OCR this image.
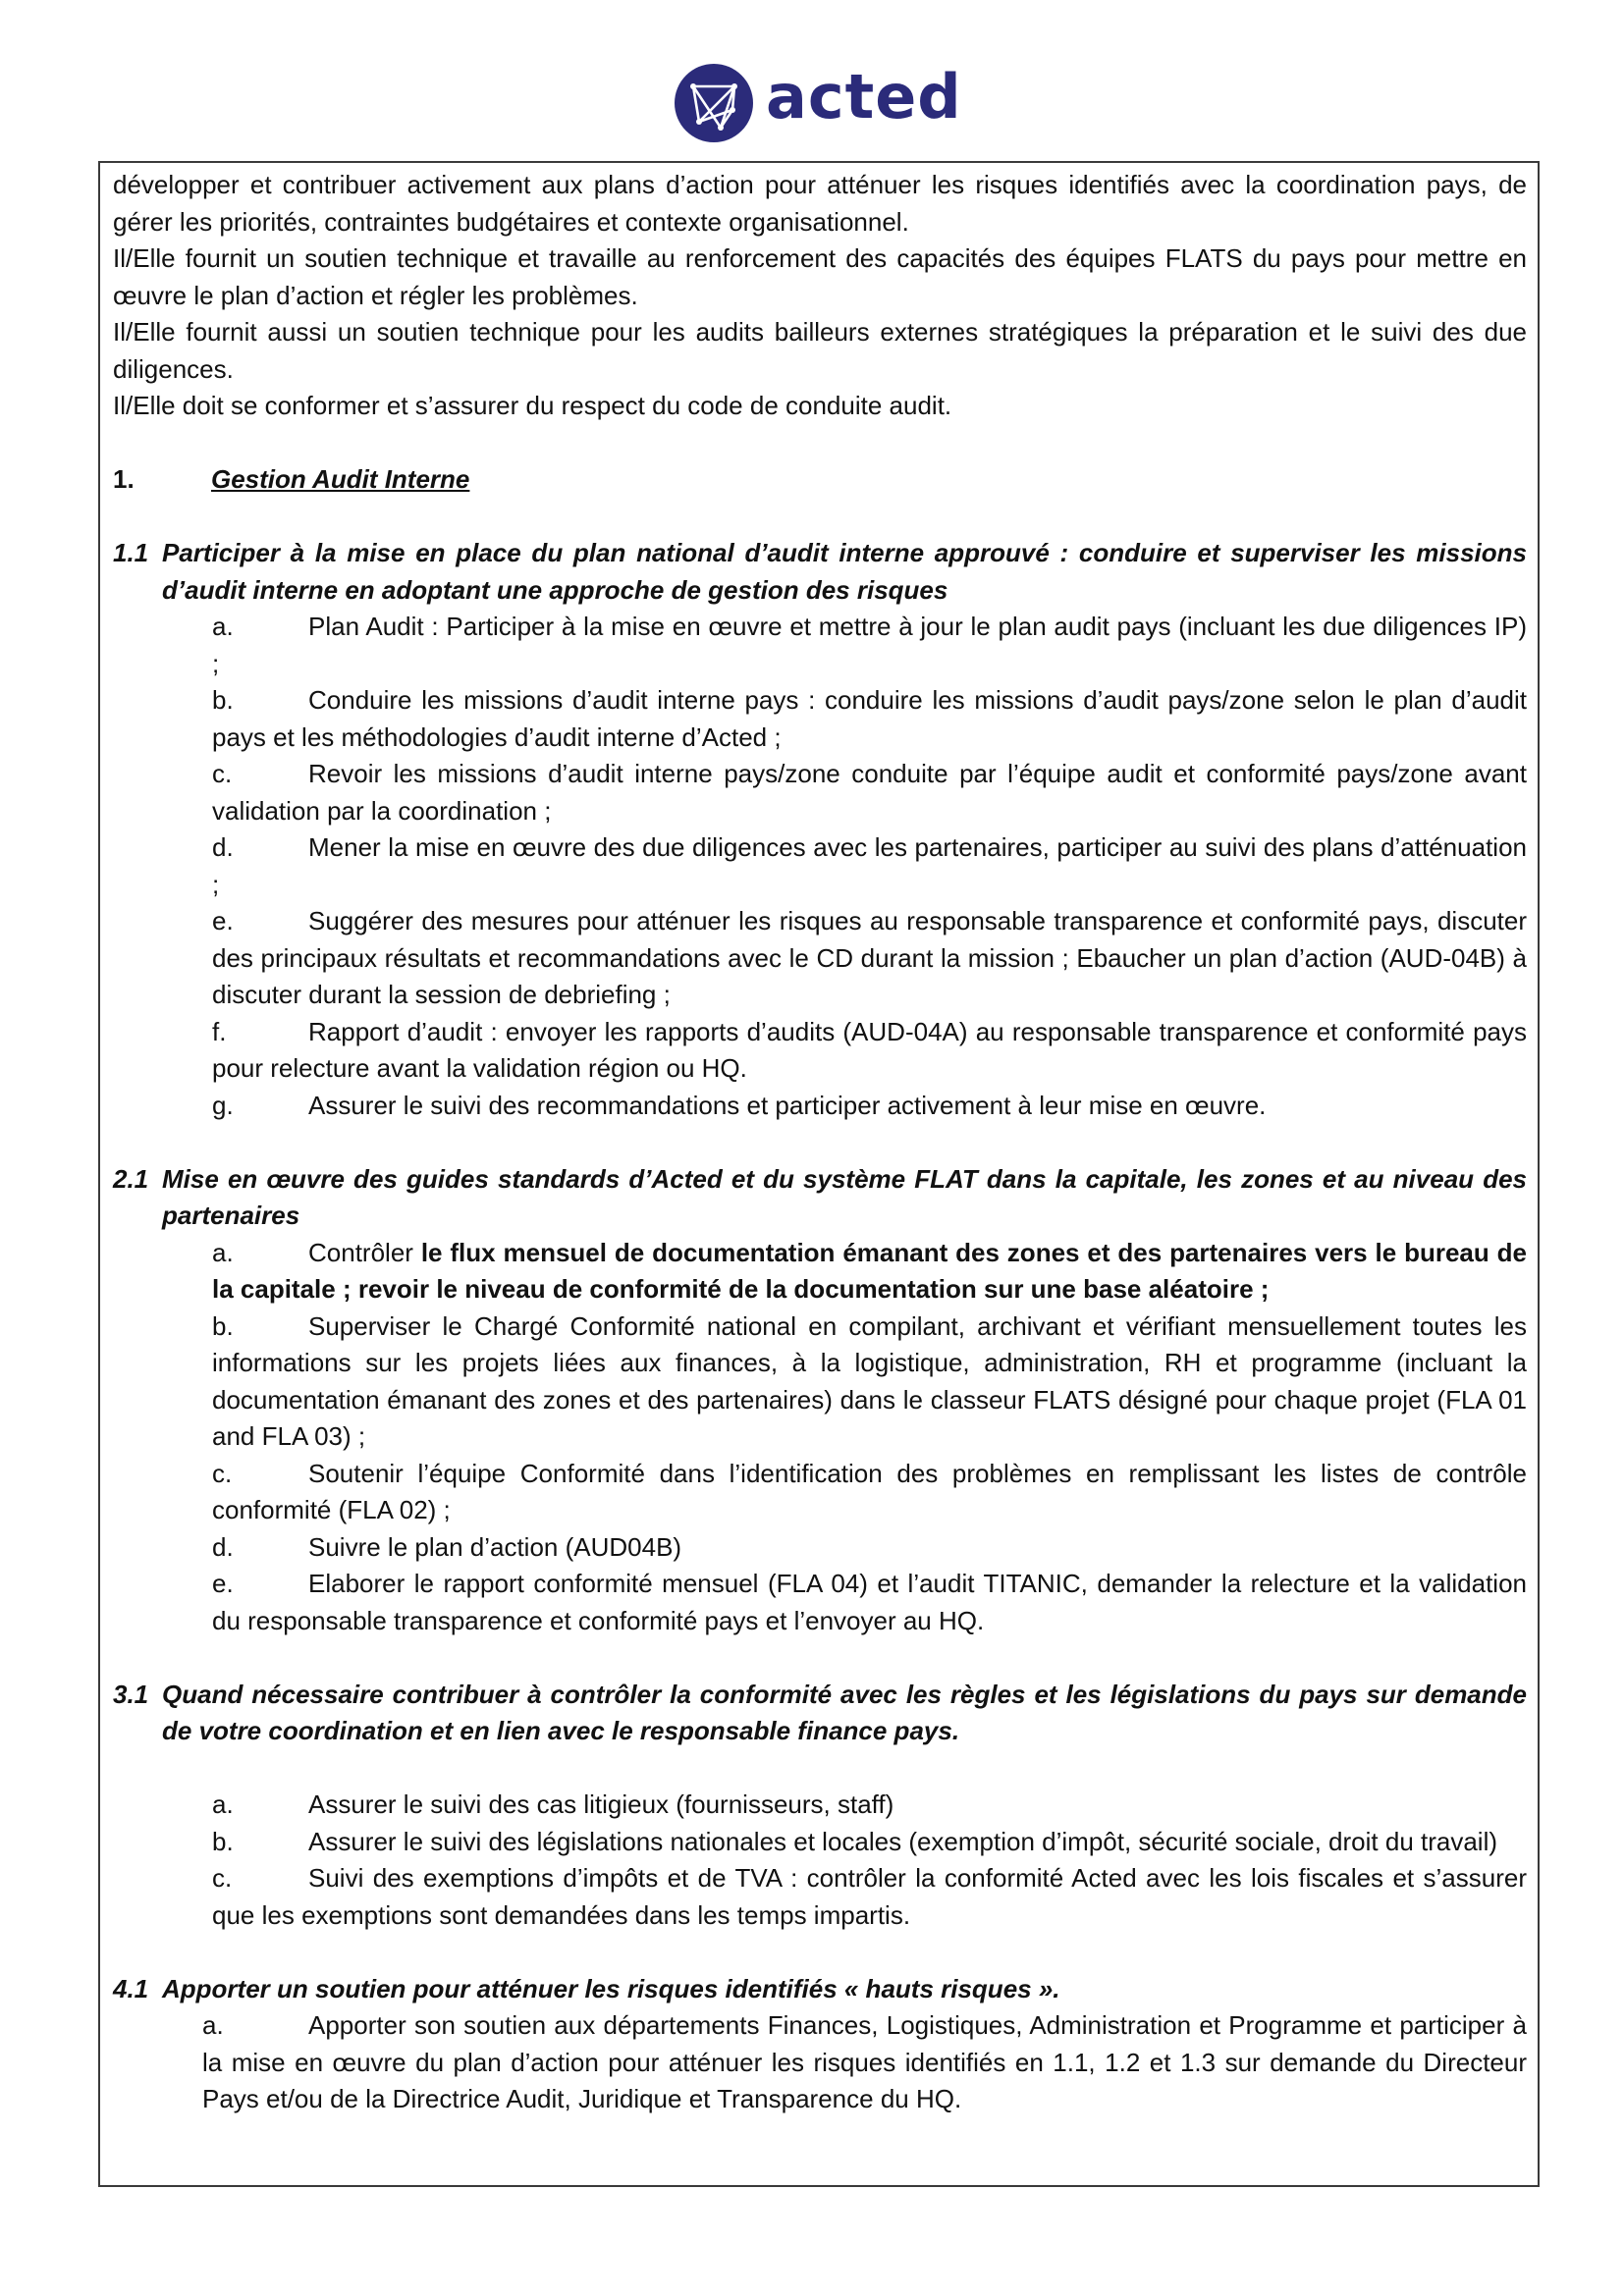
acted

développer et contribuer activement aux plans d’action pour atténuer les risques identifiés avec la coordination pays, de gérer les priorités, contraintes budgétaires et contexte organisationnel.

Il/Elle fournit un soutien technique et travaille au renforcement des capacités des équipes FLATS du pays pour mettre en œuvre le plan d’action et régler les problèmes.

Il/Elle fournit aussi un soutien technique pour les audits bailleurs externes stratégiques la préparation et le suivi des due diligences.

Il/Elle doit se conformer et s’assurer du respect du code de conduite audit.

1.	Gestion Audit Interne
1.1 Participer à la mise en place du plan national d’audit interne approuvé : conduire et superviser les missions d’audit interne en adoptant une approche de gestion des risques
a.	Plan Audit : Participer à la mise en œuvre et mettre à jour le plan audit pays (incluant les due diligences IP) ;
b.	Conduire les missions d’audit interne pays : conduire les missions d’audit pays/zone selon le plan d’audit pays et les méthodologies d’audit interne d’Acted ;
c.	Revoir les missions d’audit interne pays/zone conduite par l’équipe audit et conformité pays/zone avant validation par la coordination ;
d.	Mener la mise en œuvre des due diligences avec les partenaires, participer au suivi des plans d’atténuation ;
e.	Suggérer des mesures pour atténuer les risques au responsable transparence et conformité pays, discuter des principaux résultats et recommandations avec le CD durant la mission ; Ebaucher un plan d’action (AUD-04B) à discuter durant la session de debriefing ;
f.	Rapport d’audit : envoyer les rapports d’audits (AUD-04A) au responsable transparence et conformité pays pour relecture avant la validation région ou HQ.
g.	Assurer le suivi des recommandations et participer activement à leur mise en œuvre.
2.1 Mise en œuvre des guides standards d’Acted et du système FLAT dans la capitale, les zones et au niveau des partenaires
a.	Contrôler le flux mensuel de documentation émanant des zones et des partenaires vers le bureau de la capitale ; revoir le niveau de conformité de la documentation sur une base aléatoire ;
b.	Superviser le Chargé Conformité national en compilant, archivant et vérifiant mensuellement toutes les informations sur les projets liées aux finances, à la logistique, administration, RH et programme (incluant la documentation émanant des zones et des partenaires) dans le classeur FLATS désigné pour chaque projet (FLA 01 and FLA 03) ;
c.	Soutenir l’équipe Conformité dans l’identification des problèmes en remplissant les listes de contrôle conformité (FLA 02) ;
d.	Suivre le plan d’action (AUD04B)
e.	Elaborer le rapport conformité mensuel (FLA 04) et l’audit TITANIC, demander la relecture et la validation du responsable transparence et conformité pays et l’envoyer au HQ.
3.1 Quand nécessaire contribuer à contrôler la conformité avec les règles et les législations du pays sur demande de votre coordination et en lien avec le responsable finance pays.
a.	Assurer le suivi des cas litigieux (fournisseurs, staff)
b.	Assurer le suivi des législations nationales et locales (exemption d’impôt, sécurité sociale, droit du travail)
c.	Suivi des exemptions d’impôts et de TVA : contrôler la conformité Acted avec les lois fiscales et s’assurer que les exemptions sont demandées dans les temps impartis.
4.1 Apporter un soutien pour atténuer les risques identifiés « hauts risques ».
a.	Apporter son soutien aux départements Finances, Logistiques, Administration et Programme et participer à la mise en œuvre du plan d’action pour atténuer les risques identifiés en 1.1, 1.2 et 1.3 sur demande du Directeur Pays et/ou de la Directrice Audit, Juridique et Transparence du HQ.
